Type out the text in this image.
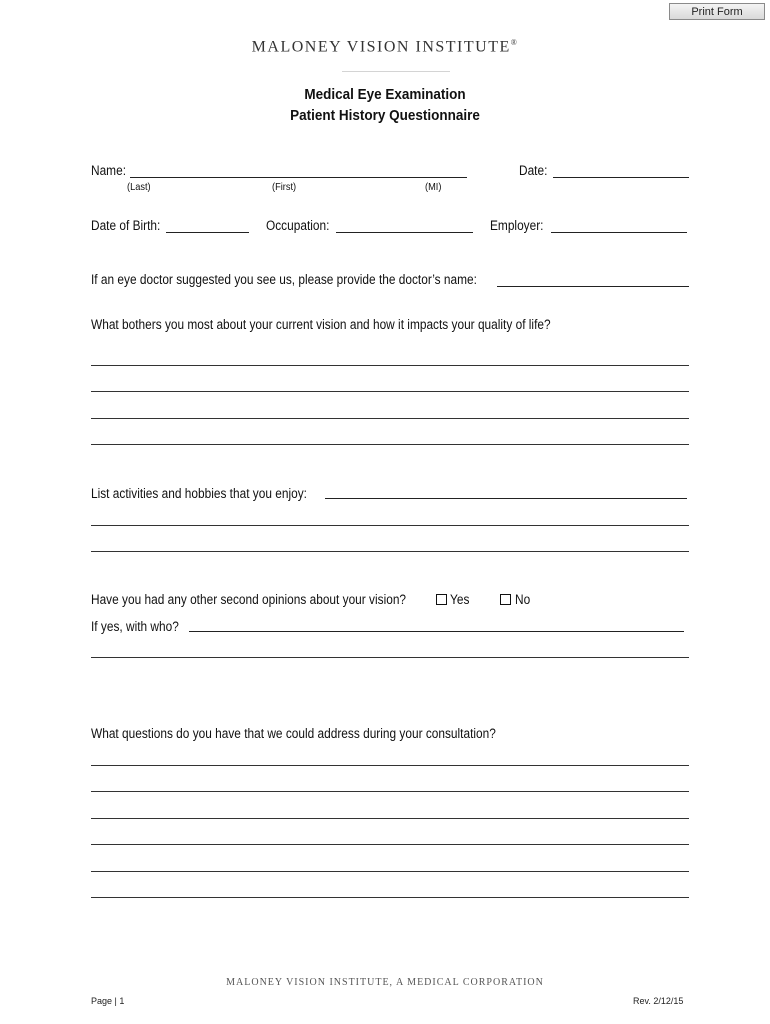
Print Form
MALONEY VISION INSTITUTE®
Medical Eye Examination
Patient History Questionnaire
Name:
(Last)	(First)	(MI)
Date:
Date of Birth:	Occupation:	Employer:
If an eye doctor suggested you see us, please provide the doctor’s name:
What bothers you most about your current vision and how it impacts your quality of life?
List activities and hobbies that you enjoy:
Have you had any other second opinions about your vision?	Yes	No
If yes, with who?
What questions do you have that we could address during your consultation?
MALONEY VISION INSTITUTE, A MEDICAL CORPORATION
Page | 1	Rev. 2/12/15
